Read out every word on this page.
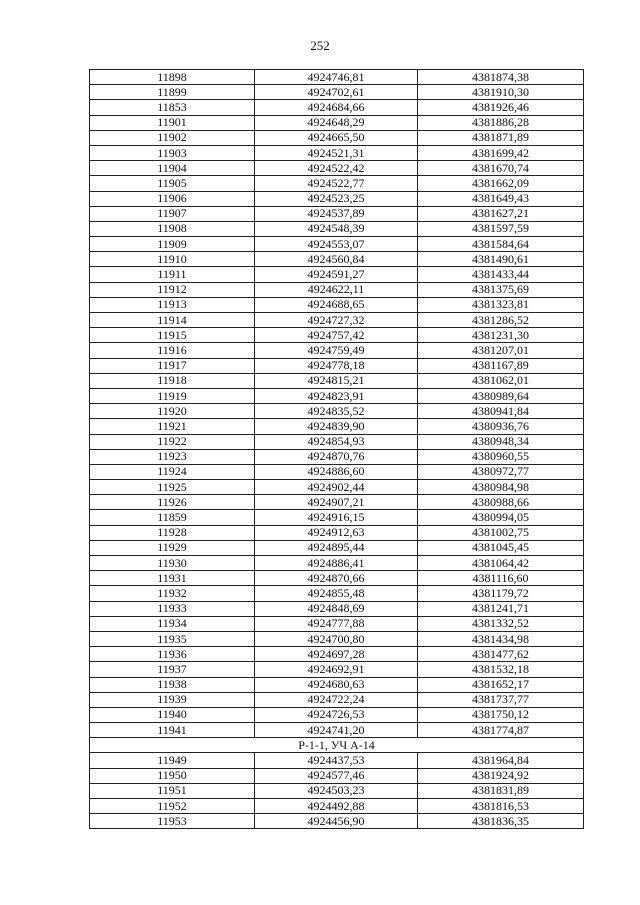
252
11898	4924746,81	4381874,38
11899	4924702,61	4381910,30
11853	4924684,66	4381926,46
11901	4924648,29	4381886,28
11902	4924665,50	4381871,89
11903	4924521,31	4381699,42
11904	4924522,42	4381670,74
11905	4924522,77	4381662,09
11906	4924523,25	4381649,43
11907	4924537,89	4381627,21
11908	4924548,39	4381597,59
11909	4924553,07	4381584,64
11910	4924560,84	4381490,61
11911	4924591,27	4381433,44
11912	4924622,11	4381375,69
11913	4924688,65	4381323,81
11914	4924727,32	4381286,52
11915	4924757,42	4381231,30
11916	4924759,49	4381207,01
11917	4924778,18	4381167,89
11918	4924815,21	4381062,01
11919	4924823,91	4380989,64
11920	4924835,52	4380941,84
11921	4924839,90	4380936,76
11922	4924854,93	4380948,34
11923	4924870,76	4380960,55
11924	4924886,60	4380972,77
11925	4924902,44	4380984,98
11926	4924907,21	4380988,66
11859	4924916,15	4380994,05
11928	4924912,63	4381002,75
11929	4924895,44	4381045,45
11930	4924886,41	4381064,42
11931	4924870,66	4381116,60
11932	4924855,48	4381179,72
11933	4924848,69	4381241,71
11934	4924777,88	4381332,52
11935	4924700,80	4381434,98
11936	4924697,28	4381477,62
11937	4924692,91	4381532,18
11938	4924680,63	4381652,17
11939	4924722,24	4381737,77
11940	4924726,53	4381750,12
11941	4924741,20	4381774,87
Р-1-1, УЧ А-14		
11949	4924437,53	4381964,84
11950	4924577,46	4381924,92
11951	4924503,23	4381831,89
11952	4924492,88	4381816,53
11953	4924456,90	4381836,35
